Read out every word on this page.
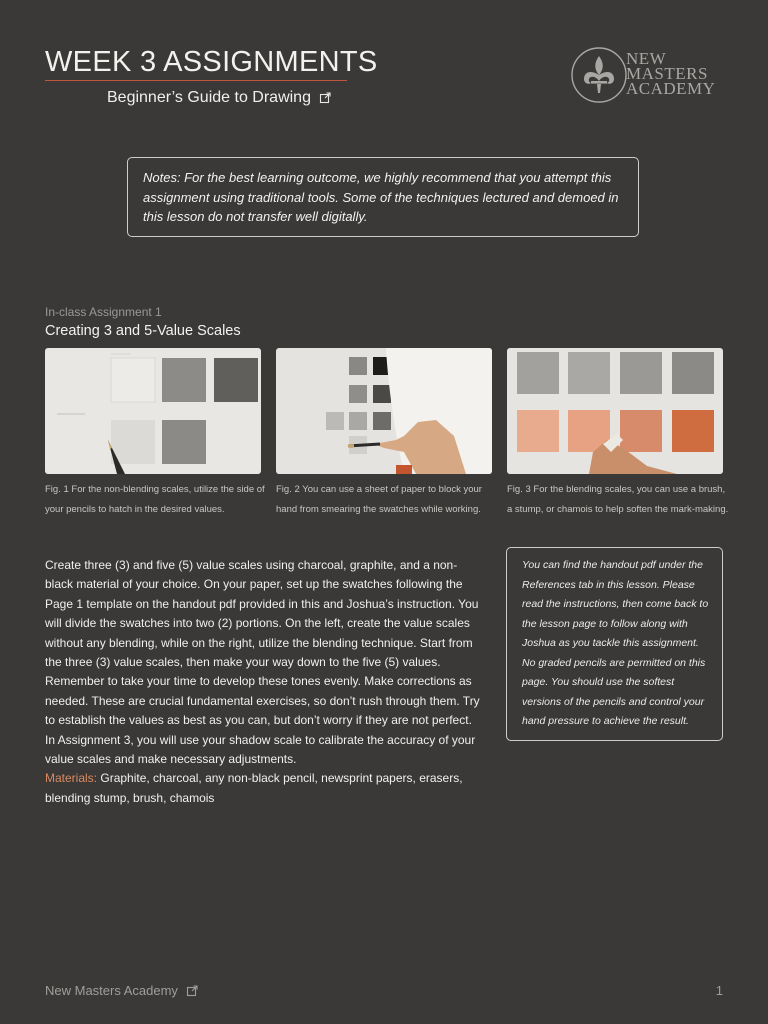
WEEK 3 ASSIGNMENTS
Beginner’s Guide to Drawing
NEW
MASTERS
ACADEMY
Notes: For the best learning outcome, we highly recommend that you attempt this assignment using traditional tools. Some of the techniques lectured and demoed in this lesson do not transfer well digitally.
In-class Assignment 1
Creating 3 and 5-Value Scales
Fig. 1 For the non-blending scales, utilize the side of your pencils to hatch in the desired values.
Fig. 2 You can use a sheet of paper to block your hand from smearing the swatches while working.
Fig. 3 For the blending scales, you can use a brush, a stump, or chamois to help soften the mark-making.

Create three (3) and five (5) value scales using charcoal, graphite, and a non-black material of your choice. On your paper, set up the swatches following the Page 1 template on the handout pdf provided in this and Joshua’s instruction. You will divide the swatches into two (2) portions. On the left, create the value scales without any blending, while on the right, utilize the blending technique. Start from the three (3) value scales, then make your way down to the five (5) values. Remember to take your time to develop these tones evenly. Make corrections as needed. These are crucial fundamental exercises, so don’t rush through them. Try to establish the values as best as you can, but don’t worry if they are not perfect. In Assignment 3, you will use your shadow scale to calibrate the accuracy of your value scales and make necessary adjustments.

Materials: Graphite, charcoal, any non-black pencil, newsprint papers, erasers, blending stump, brush, chamois

You can find the handout pdf under the References tab in this lesson. Please read the instructions, then come back to the lesson page to follow along with Joshua as you tackle this assignment. No graded pencils are permitted on this page. You should use the softest versions of the pencils and control your hand pressure to achieve the result.
New Masters Academy	1
